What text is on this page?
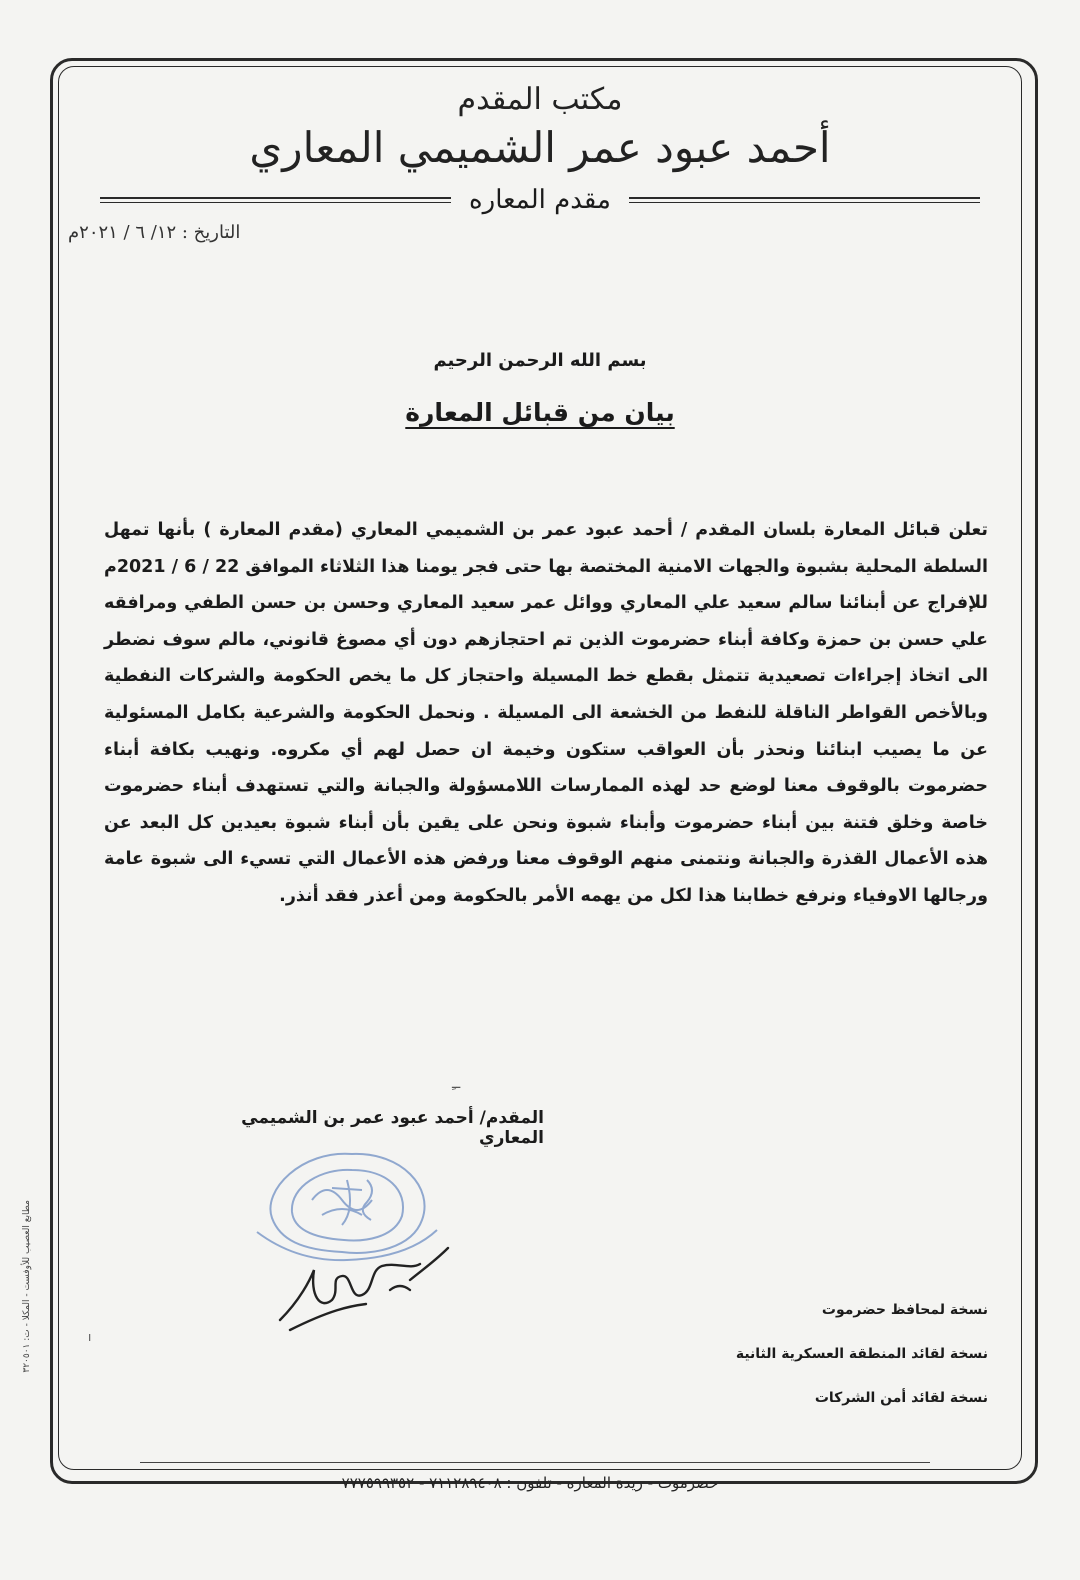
مكتب المقدم
أحمد عبود عمر الشميمي المعاري
مقدم المعاره
التاريخ : ١٢/ ٦ / ٢٠٢١م
مطابع العصيب للأوفست - المكلا - ت: ٣٢٠٥٠١
بسم الله الرحمن الرحيم
بيان من قبائل المعارة
تعلن قبائل المعارة بلسان المقدم / أحمد عبود عمر بن الشميمي المعاري (مقدم المعارة ) بأنها تمهل السلطة المحلية بشبوة والجهات الامنية المختصة بها حتى فجر يومنا هذا الثلاثاء الموافق 22 / 6 / 2021م للإفراج عن أبنائنا سالم سعيد علي المعاري ووائل عمر سعيد المعاري وحسن بن حسن الطفي ومرافقه علي حسن بن حمزة وكافة أبناء حضرموت الذين تم احتجازهم دون أي مصوغ قانوني، مالم سوف نضطر الى اتخاذ إجراءات تصعيدية تتمثل بقطع خط المسيلة واحتجاز كل ما يخص الحكومة والشركات النفطية وبالأخص القواطر الناقلة للنفط من الخشعة الى المسيلة . ونحمل الحكومة والشرعية بكامل المسئولية عن ما يصيب ابنائنا ونحذر بأن العواقب ستكون وخيمة ان حصل لهم أي مكروه. ونهيب بكافة أبناء حضرموت بالوقوف معنا لوضع حد لهذه الممارسات اللامسؤولة والجبانة والتي تستهدف أبناء حضرموت خاصة وخلق فتنة بين أبناء حضرموت وأبناء شبوة ونحن على يقين بأن أبناء شبوة بعيدين كل البعد عن هذه الأعمال القذرة والجبانة ونتمنى منهم الوقوف معنا ورفض هذه الأعمال التي تسيء الى شبوة عامة ورجالها الاوفياء ونرفع خطابنا هذا لكل من يهمه الأمر بالحكومة ومن أعذر فقد أنذر.
ــِ
المقدم/ أحمد عبود عمر بن الشميمي المعاري
نسخة لمحافظ حضرموت
نسخة لقائد المنطقة العسكرية الثانية
نسخة لقائد أمن الشركات
ı
حضرموت - ريدة المعاره - تلفون : ٧١١٢٨٩٤٠٨ - ٧٧٧٥٩٩٣٥٢
